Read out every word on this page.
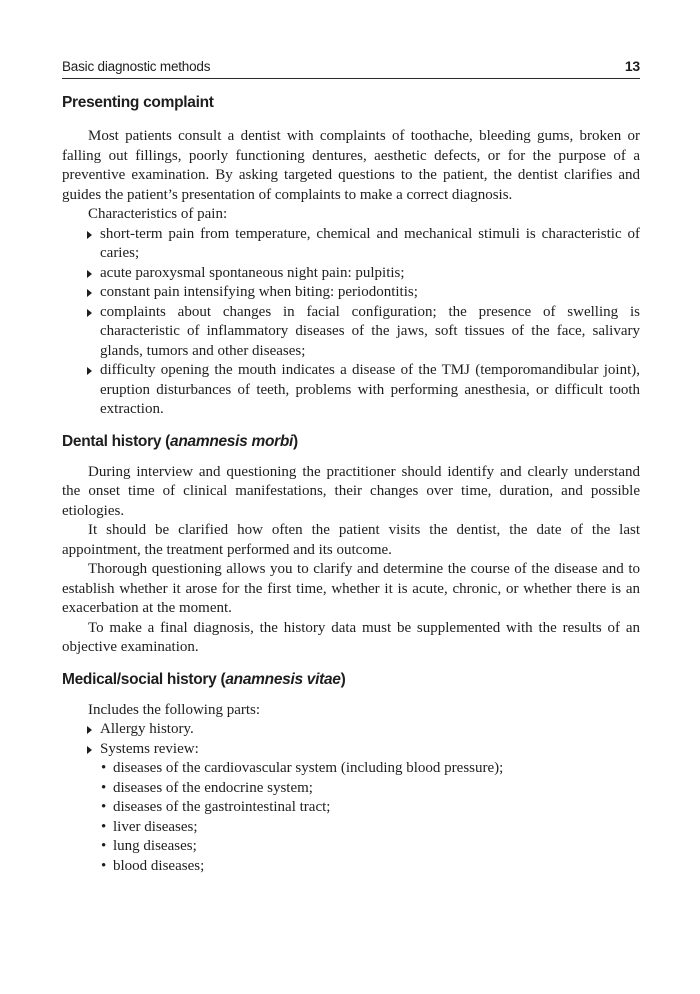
Basic diagnostic methods	13
Presenting complaint

Most patients consult a dentist with complaints of toothache, bleeding gums, broken or falling out fillings, poorly functioning dentures, aesthetic defects, or for the purpose of a preventive examination. By asking targeted questions to the patient, the dentist clarifies and guides the patient’s presentation of complaints to make a correct diagnosis.

Characteristics of pain:

short-term pain from temperature, chemical and mechanical stimuli is characteristic of caries;
acute paroxysmal spontaneous night pain: pulpitis;
constant pain intensifying when biting: periodontitis;
complaints about changes in facial configuration; the presence of swelling is characteristic of inflammatory diseases of the jaws, soft tissues of the face, salivary glands, tumors and other diseases;
difficulty opening the mouth indicates a disease of the TMJ (temporomandibular joint), eruption disturbances of teeth, problems with performing anesthesia, or difficult tooth extraction.
Dental history (anamnesis morbi)

During interview and questioning the practitioner should identify and clearly understand the onset time of clinical manifestations, their changes over time, duration, and possible etiologies.

It should be clarified how often the patient visits the dentist, the date of the last appointment, the treatment performed and its outcome.

Thorough questioning allows you to clarify and determine the course of the disease and to establish whether it arose for the first time, whether it is acute, chronic, or whether there is an exacerbation at the moment.

To make a final diagnosis, the history data must be supplemented with the results of an objective examination.

Medical/social history (anamnesis vitae)

Includes the following parts:

Allergy history.
Systems review:
• diseases of the cardiovascular system (including blood pressure);
• diseases of the endocrine system;
• diseases of the gastrointestinal tract;
• liver diseases;
• lung diseases;
• blood diseases;
